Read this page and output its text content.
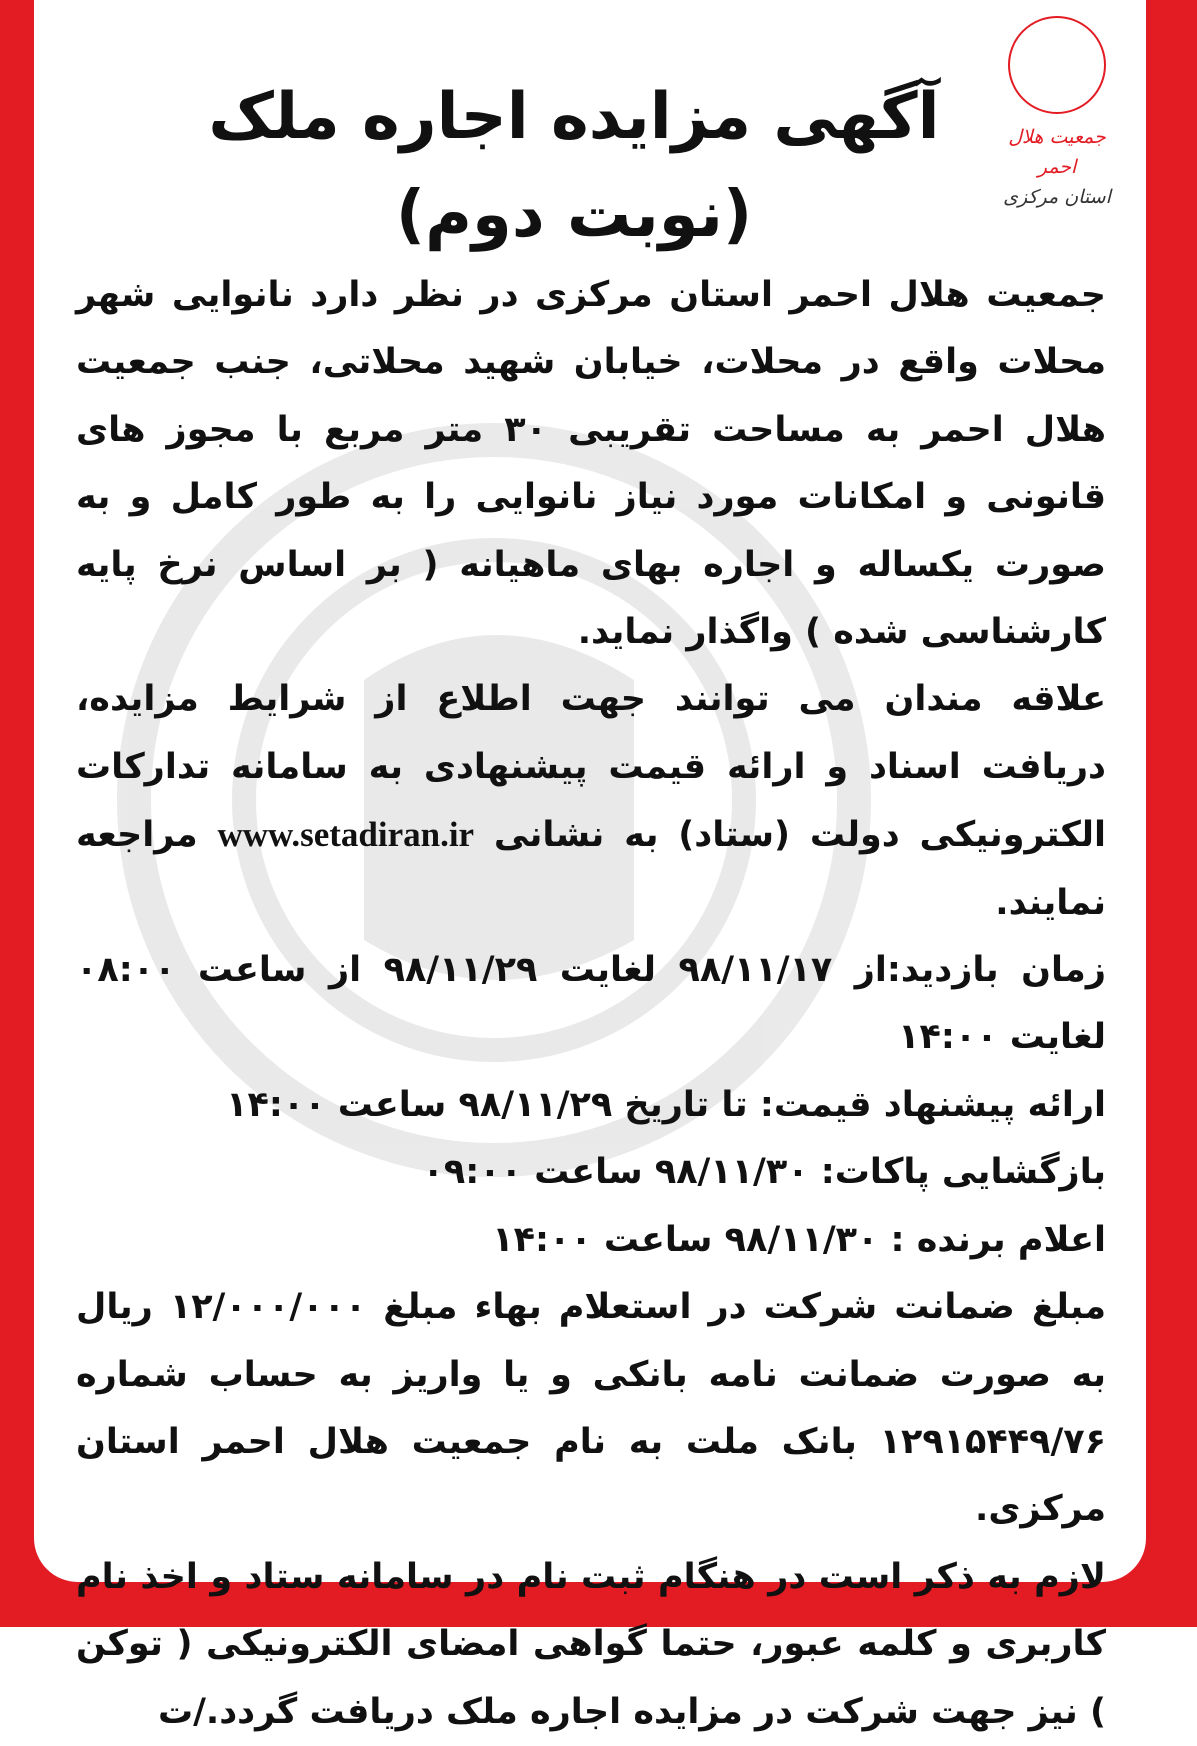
جمعیت هلال احمر
استان مرکزی
آگهی مزایده اجاره ملک
(نوبت دوم)

جمعیت هلال احمر استان مرکزی در نظر دارد نانوایی شهر محلات واقع در محلات، خیابان شهید محلاتی، جنب جمعیت هلال احمر به مساحت تقریبی ۳۰ متر مربع با مجوز های قانونی و امکانات مورد نیاز نانوایی را به طور کامل و به صورت یکساله و اجاره بهای ماهیانه ( بر اساس نرخ پایه کارشناسی شده ) واگذار نماید.

علاقه مندان می توانند جهت اطلاع از شرایط مزایده، دریافت اسناد و ارائه قیمت پیشنهادی به سامانه تدارکات الکترونیکی دولت (ستاد) به نشانی www.setadiran.ir مراجعه نمایند.

زمان بازدید:از ۹۸/۱۱/۱۷ لغایت ۹۸/۱۱/۲۹ از ساعت ۰۸:۰۰ لغایت ۱۴:۰۰

ارائه پیشنهاد قیمت: تا تاریخ ۹۸/۱۱/۲۹ ساعت ۱۴:۰۰

بازگشایی پاکات: ۹۸/۱۱/۳۰ ساعت ۰۹:۰۰

اعلام برنده : ۹۸/۱۱/۳۰ ساعت ۱۴:۰۰

مبلغ ضمانت شرکت در استعلام بهاء مبلغ ۱۲/۰۰۰/۰۰۰ ریال به صورت ضمانت نامه بانکی و یا واریز به حساب شماره ۱۲۹۱۵۴۴۹/۷۶ بانک ملت به نام جمعیت هلال احمر استان مرکزی.

لازم به ذکر است در هنگام ثبت نام در سامانه ستاد و اخذ نام کاربری و کلمه عبور، حتما گواهی امضای الکترونیکی ( توکن ) نیز جهت شرکت در مزایده اجاره ملک دریافت گردد./ت
